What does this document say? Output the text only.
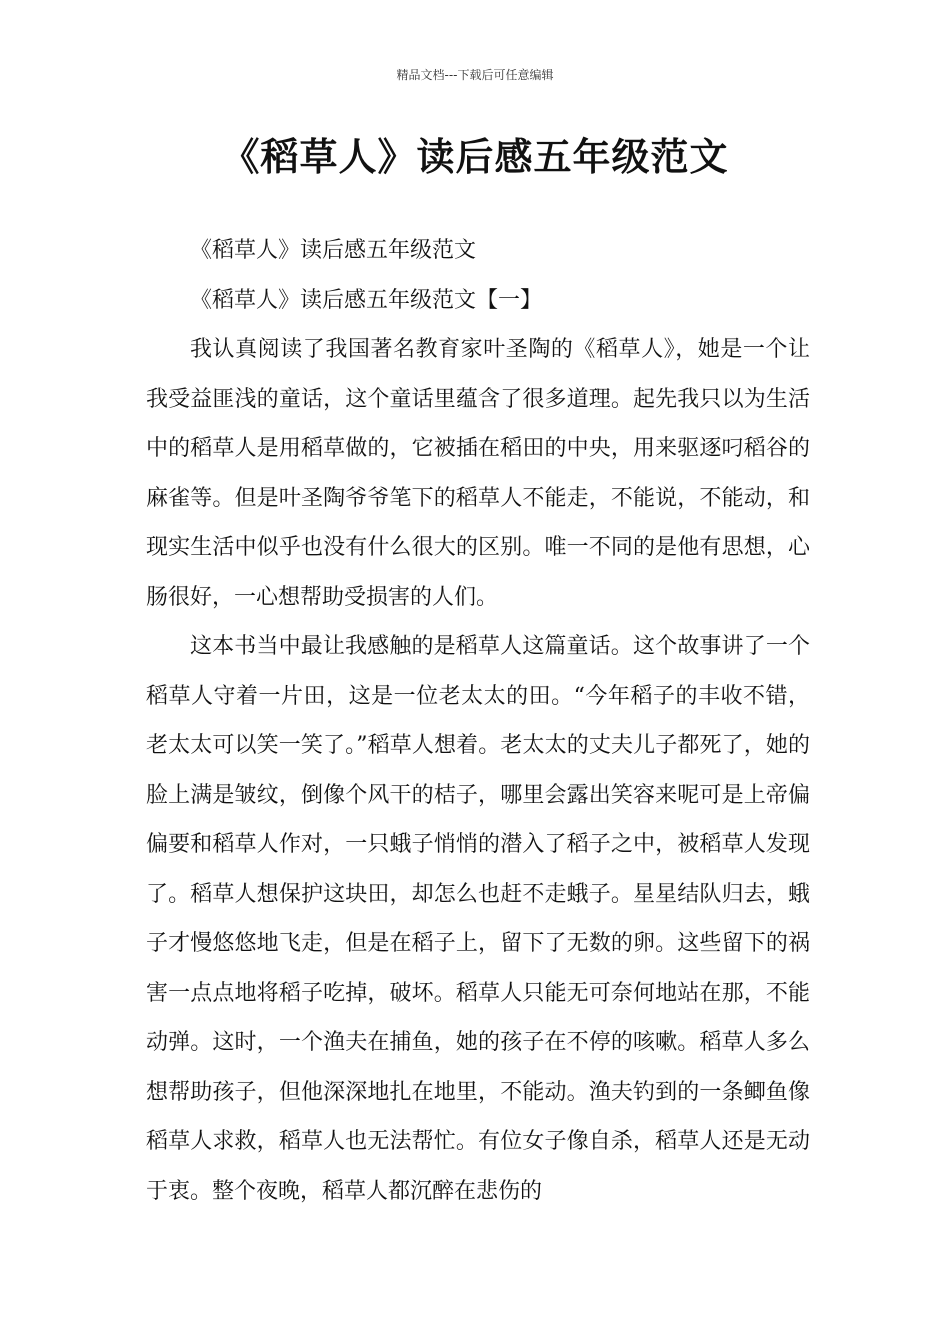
精品文档---下载后可任意编辑
《稻草人》读后感五年级范文

《稻草人》读后感五年级范文

《稻草人》读后感五年级范文【一】

我认真阅读了我国著名教育家叶圣陶的《稻草人》，她是一个让我受益匪浅的童话，这个童话里蕴含了很多道理。起先我只以为生活中的稻草人是用稻草做的，它被插在稻田的中央，用来驱逐叼稻谷的麻雀等。但是叶圣陶爷爷笔下的稻草人不能走，不能说，不能动，和现实生活中似乎也没有什么很大的区别。唯一不同的是他有思想，心肠很好，一心想帮助受损害的人们。

这本书当中最让我感触的是稻草人这篇童话。这个故事讲了一个稻草人守着一片田，这是一位老太太的田。“今年稻子的丰收不错，老太太可以笑一笑了。”稻草人想着。老太太的丈夫儿子都死了，她的脸上满是皱纹，倒像个风干的桔子，哪里会露出笑容来呢可是上帝偏偏要和稻草人作对，一只蛾子悄悄的潜入了稻子之中，被稻草人发现了。稻草人想保护这块田，却怎么也赶不走蛾子。星星结队归去，蛾子才慢悠悠地飞走，但是在稻子上，留下了无数的卵。这些留下的祸害一点点地将稻子吃掉，破坏。稻草人只能无可奈何地站在那，不能动弹。这时，一个渔夫在捕鱼，她的孩子在不停的咳嗽。稻草人多么想帮助孩子，但他深深地扎在地里，不能动。渔夫钓到的一条鲫鱼像稻草人求救，稻草人也无法帮忙。有位女子像自杀，稻草人还是无动于衷。整个夜晚，稻草人都沉醉在悲伤的
